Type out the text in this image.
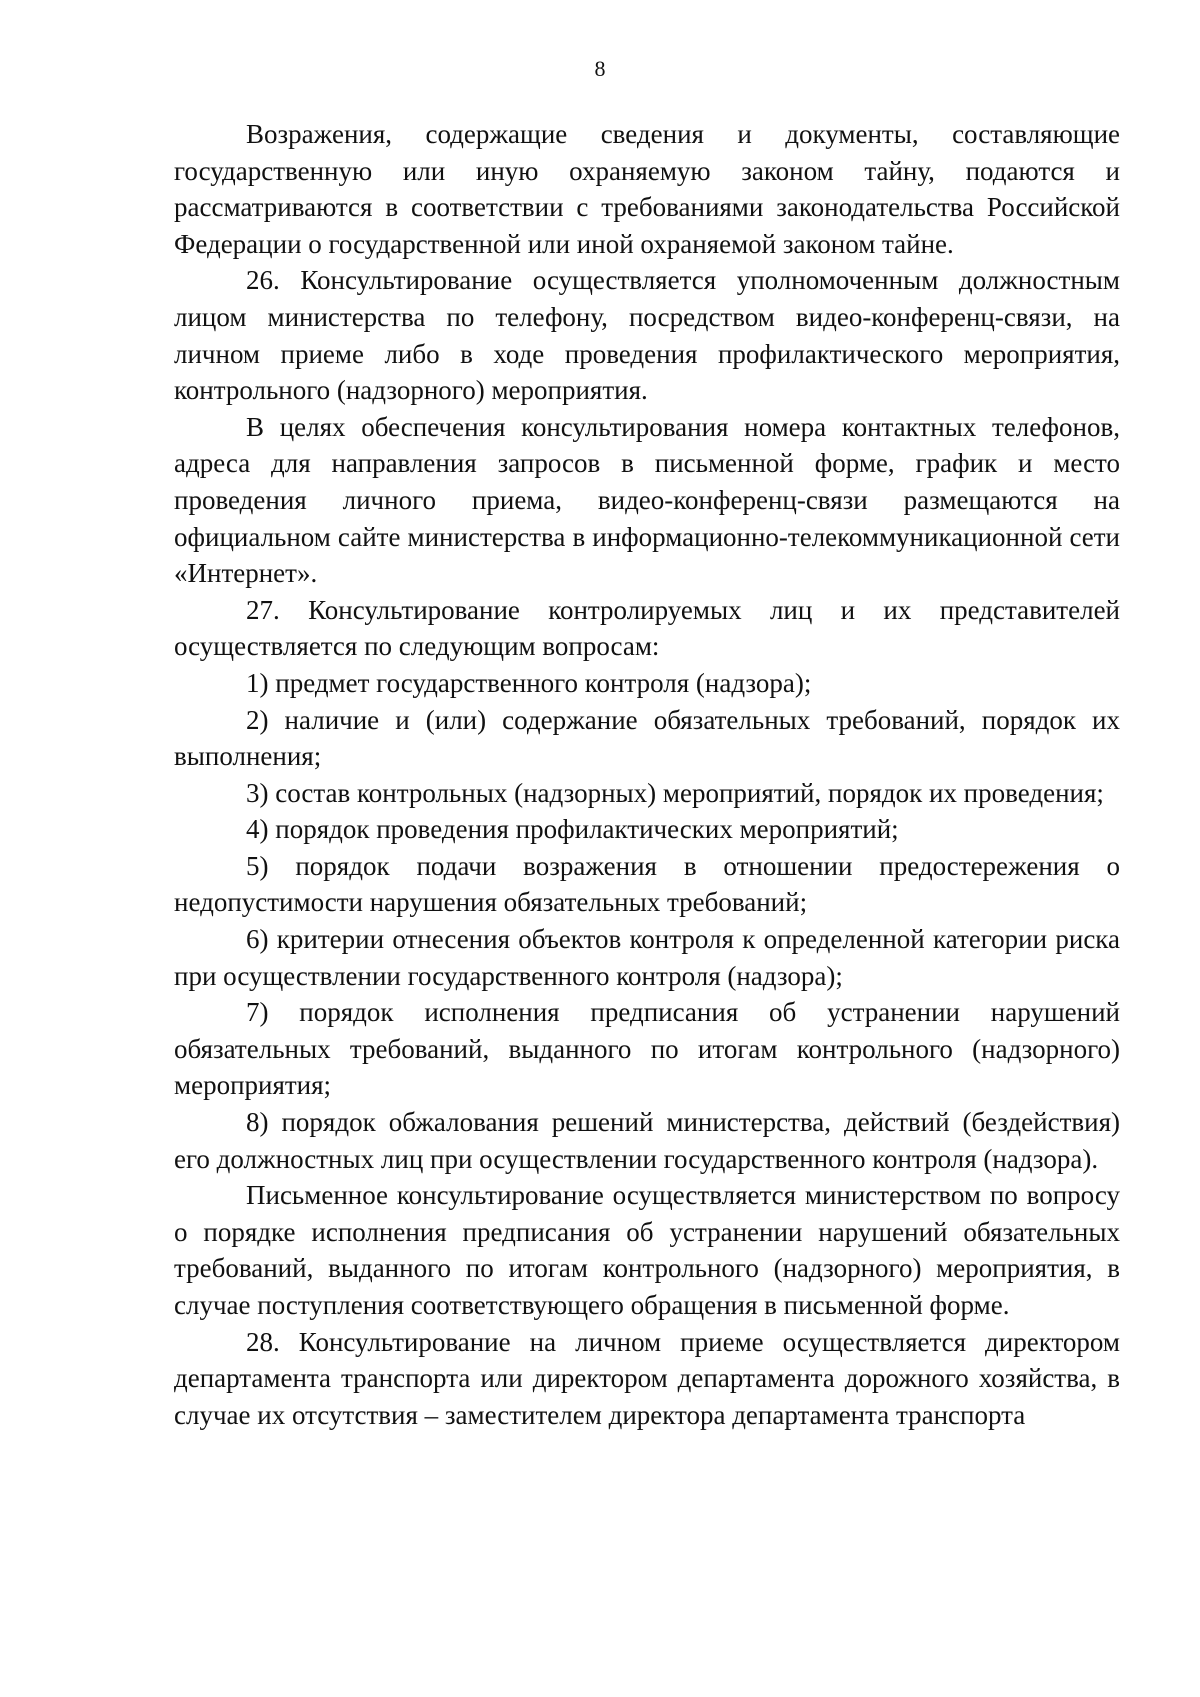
8

Возражения, содержащие сведения и документы, составляющие государственную или иную охраняемую законом тайну, подаются и рассматриваются в соответствии с требованиями законодательства Российской Федерации о государственной или иной охраняемой законом тайне.

26. Консультирование осуществляется уполномоченным должностным лицом министерства по телефону, посредством видео-конференц-связи, на личном приеме либо в ходе проведения профилактического мероприятия, контрольного (надзорного) мероприятия.

В целях обеспечения консультирования номера контактных телефонов, адреса для направления запросов в письменной форме, график и место проведения личного приема, видео-конференц-связи размещаются на официальном сайте министерства в информационно-телекоммуникационной сети «Интернет».

27. Консультирование контролируемых лиц и их представителей осуществляется по следующим вопросам:

1) предмет государственного контроля (надзора);

2) наличие и (или) содержание обязательных требований, порядок их выполнения;

3) состав контрольных (надзорных) мероприятий, порядок их проведения;

4) порядок проведения профилактических мероприятий;

5) порядок подачи возражения в отношении предостережения о недопустимости нарушения обязательных требований;

6) критерии отнесения объектов контроля к определенной категории риска при осуществлении государственного контроля (надзора);

7) порядок исполнения предписания об устранении нарушений обязательных требований, выданного по итогам контрольного (надзорного) мероприятия;

8) порядок обжалования решений министерства, действий (бездействия) его должностных лиц при осуществлении государственного контроля (надзора).

Письменное консультирование осуществляется министерством по вопросу о порядке исполнения предписания об устранении нарушений обязательных требований, выданного по итогам контрольного (надзорного) мероприятия, в случае поступления соответствующего обращения в письменной форме.

28. Консультирование на личном приеме осуществляется директором департамента транспорта или директором департамента дорожного хозяйства, в случае их отсутствия – заместителем директора департамента транспорта
